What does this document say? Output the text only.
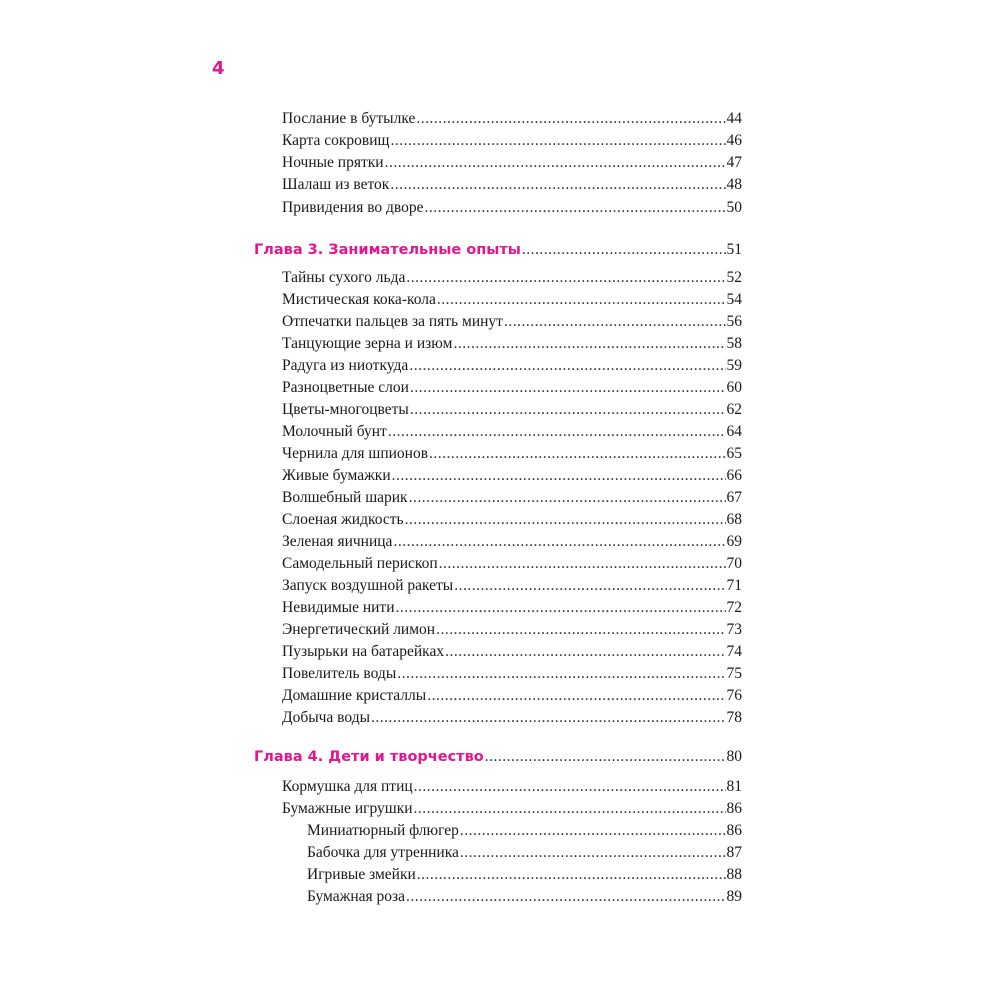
4
Послание в бутылке .....	44
Карта сокровищ .....	46
Ночные прятки .....	47
Шалаш из веток .....	48
Привидения во дворе .....	50
Глава 3. Занимательные опыты .....	51
Тайны сухого льда .....	52
Мистическая кока-кола .....	54
Отпечатки пальцев за пять минут .....	56
Танцующие зерна и изюм .....	58
Радуга из ниоткуда .....	59
Разноцветные слои .....	60
Цветы-многоцветы .....	62
Молочный бунт .....	64
Чернила для шпионов .....	65
Живые бумажки .....	66
Волшебный шарик .....	67
Слоеная жидкость .....	68
Зеленая яичница .....	69
Самодельный перископ .....	70
Запуск воздушной ракеты .....	71
Невидимые нити .....	72
Энергетический лимон .....	73
Пузырьки на батарейках .....	74
Повелитель воды .....	75
Домашние кристаллы .....	76
Добыча воды .....	78
Глава 4. Дети и творчество .....	80
Кормушка для птиц .....	81
Бумажные игрушки .....	86
Миниатюрный флюгер .....	86
Бабочка для утренника .....	87
Игривые змейки .....	88
Бумажная роза .....	89
